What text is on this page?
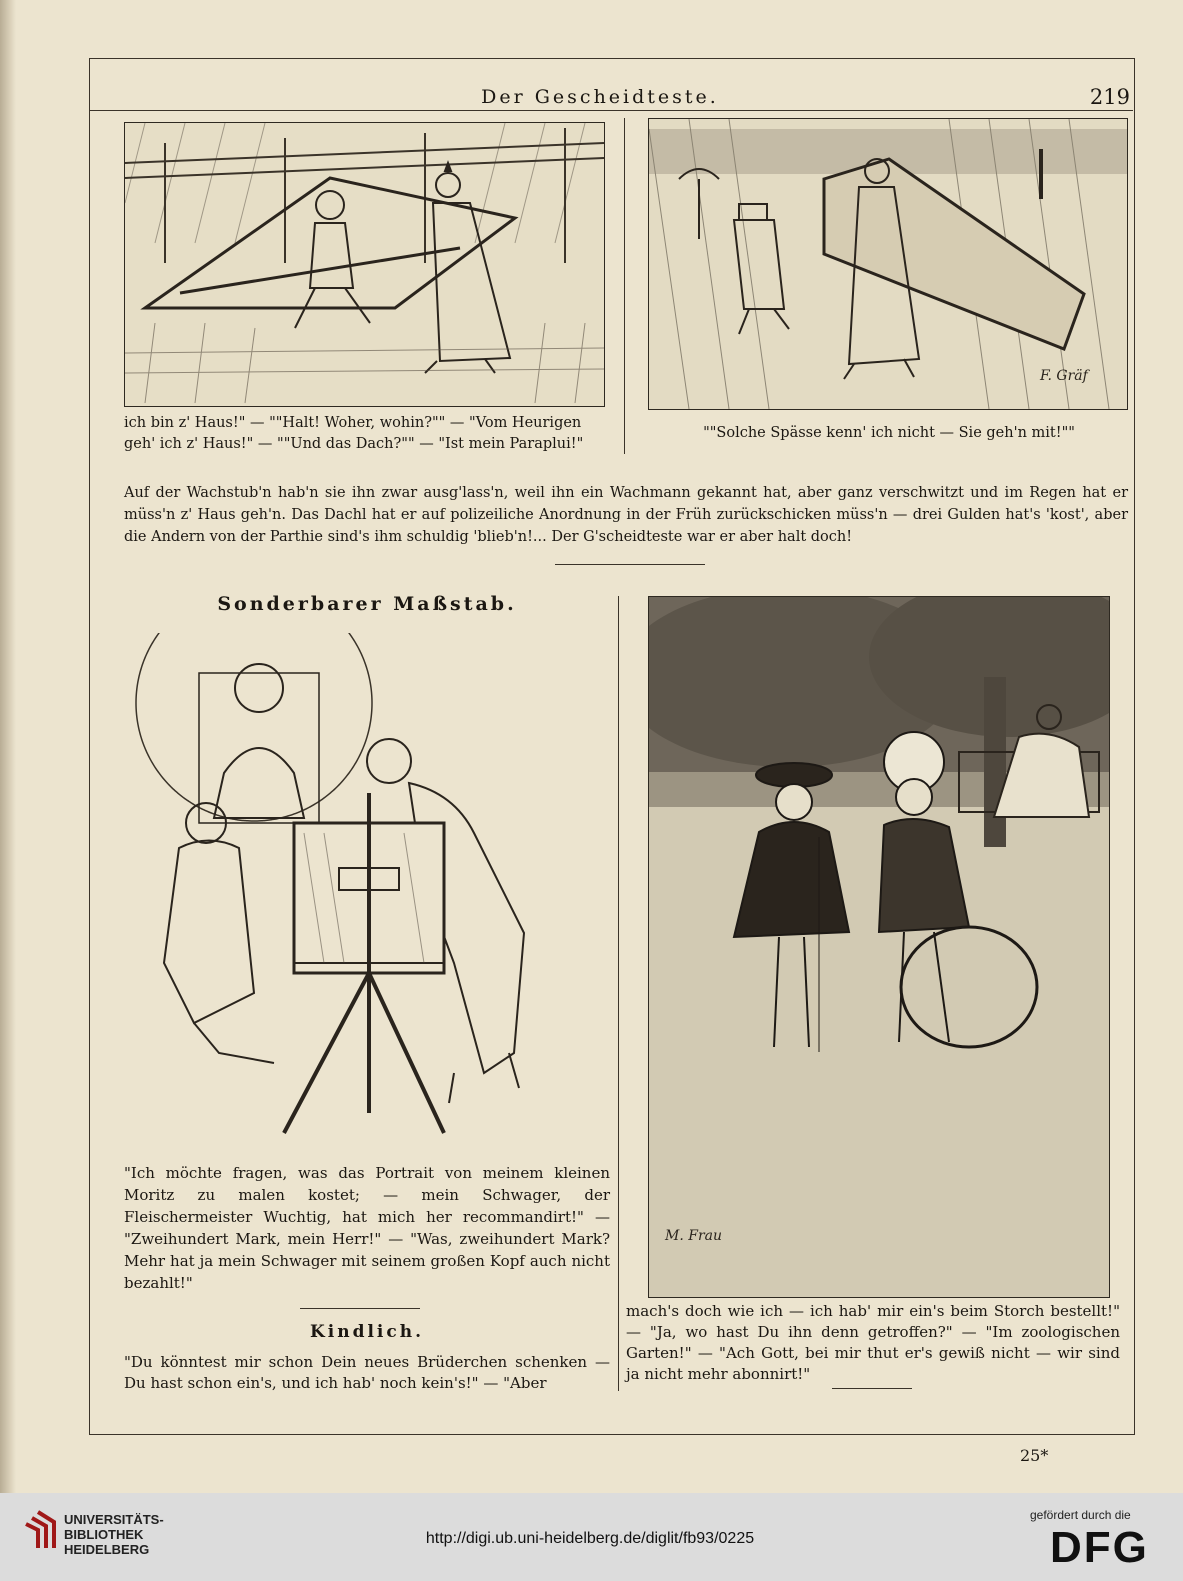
Der Gescheidteste.	219
F. Gräf

ich bin z' Haus!" — ""Halt! Woher, wohin?"" — "Vom Heurigen

geh' ich z' Haus!" — ""Und das Dach?"" — "Ist mein Paraplui!"

""Solche Spässe kenn' ich nicht — Sie geh'n mit!""
Auf der Wachstub'n hab'n sie ihn zwar ausg'lass'n, weil ihn ein Wachmann gekannt hat, aber ganz verschwitzt und im Regen hat er müss'n z' Haus geh'n. Das Dachl hat er auf polizeiliche Anordnung in der Früh zurückschicken müss'n — drei Gulden hat's 'kost', aber die Andern von der Parthie sind's ihm schuldig 'blieb'n!... Der G'scheidteste war er aber halt doch!
Sonderbarer Maßstab.
"Ich möchte fragen, was das Portrait von meinem kleinen Moritz zu malen kostet; — mein Schwager, der Fleischermeister Wuchtig, hat mich her recommandirt!" — "Zweihundert Mark, mein Herr!" — "Was, zweihundert Mark? Mehr hat ja mein Schwager mit seinem großen Kopf auch nicht bezahlt!"
Kindlich.
"Du könntest mir schon Dein neues Brüderchen schenken — Du hast schon ein's, und ich hab' noch kein's!" — "Aber
M. Frau
mach's doch wie ich — ich hab' mir ein's beim Storch bestellt!" — "Ja, wo hast Du ihn denn getroffen?" — "Im zoologischen Garten!" — "Ach Gott, bei mir thut er's gewiß nicht — wir sind ja nicht mehr abonnirt!"
25*
UNIVERSITÄTS-
BIBLIOTHEK
HEIDELBERG
http://digi.ub.uni-heidelberg.de/diglit/fb93/0225
gefördert durch die
DFG
